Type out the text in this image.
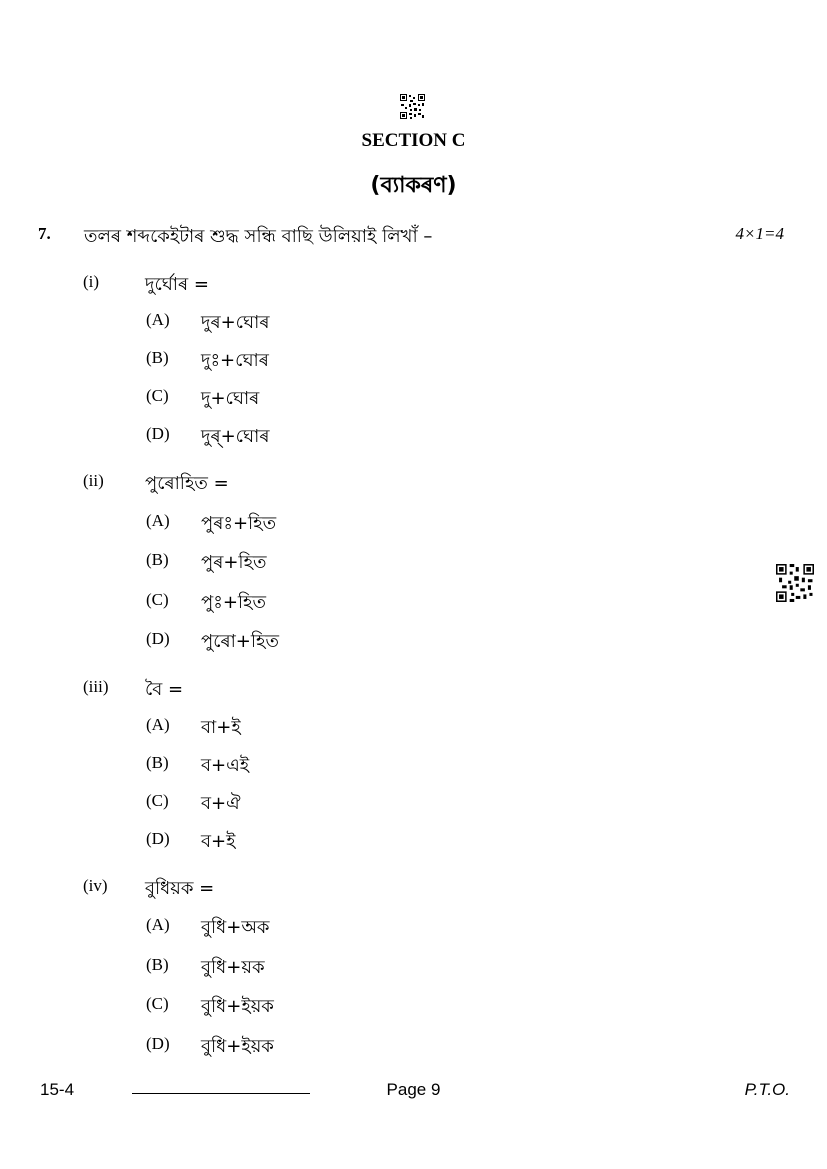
SECTION C
(ব্যাকৰণ)
7. তলৰ শব্দকেইটাৰ শুদ্ধ সন্ধি বাছি উলিয়াই লিখাঁ –	4×1=4
(i)	দুৰ্ঘোৰ =
(A) দুৰ+ঘোৰ
(B) দুঃ+ঘোৰ
(C) দু+ঘোৰ
(D) দুৰ্+ঘোৰ
(ii) পুৰোহিত =
(A) পুৰঃ+হিত
(B) পুৰ+হিত
(C) পুঃ+হিত
(D) পুৰো+হিত
(iii) বৈ =
(A) বা+ই
(B) ব+এই
(C) ব+ঐ
(D) ব+ই
(iv) বুধিয়ক =
(A) বুধি+অক
(B) বুধি+য়ক
(C) বুধি+ইয়ক
(D) বুধি+ইয়ক
15-4	Page 9	P.T.O.
